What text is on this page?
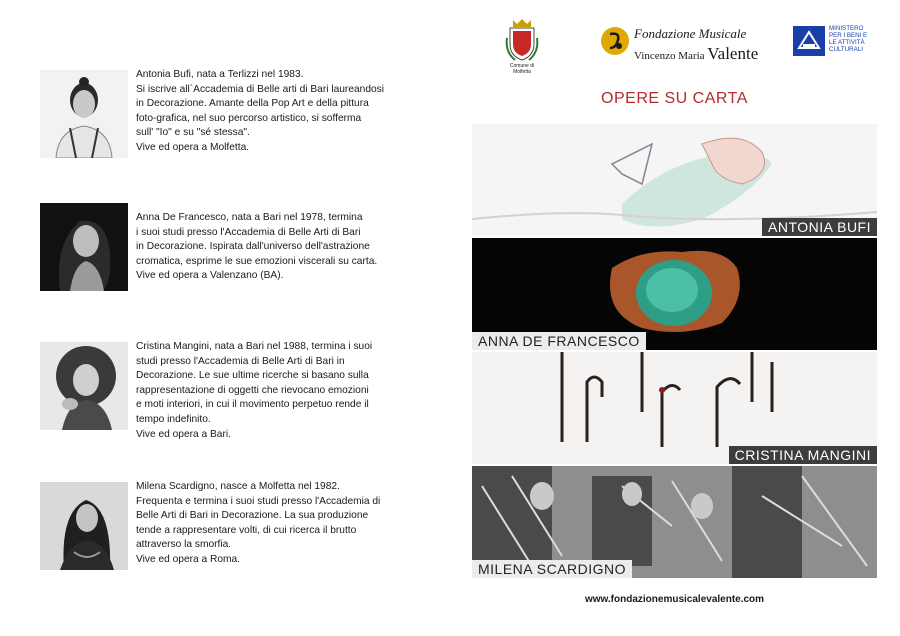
Antonia Bufi, nata a Terlizzi nel 1983.
Si iscrive all`Accademia di Belle arti di Bari laureandosi
in Decorazione. Amante della Pop Art e della pittura
foto-grafica, nel suo percorso artistico, si sofferma
sull' "Io" e su "sé stessa".
Vive ed opera a Molfetta.
Anna De Francesco, nata a Bari nel 1978, termina
i suoi studi presso l'Accademia di Belle Arti di Bari
in Decorazione. Ispirata dall'universo dell'astrazione
cromatica, esprime le sue emozioni viscerali su carta.
Vive ed opera a Valenzano (BA).
Cristina Mangini, nata a Bari nel 1988, termina i suoi
studi presso l'Accademia di Belle Arti di Bari in
Decorazione. Le sue ultime ricerche si basano sulla
rappresentazione di oggetti che rievocano emozioni
e moti interiori, in cui il movimento perpetuo rende il
tempo indefinito.
Vive ed opera a Bari.
Milena Scardigno, nasce a Molfetta nel 1982.
Frequenta e termina i suoi studi presso l'Accademia di
Belle Arti di Bari in Decorazione. La sua produzione
tende a rappresentare volti, di cui ricerca il brutto
attraverso la smorfia.
Vive ed opera a Roma.
Comune di Molfetta
Fondazione Musicale
Vincenzo Maria Valente
MINISTERO
PER I BENI E
LE ATTIVITÀ
CULTURALI
OPERE SU CARTA
ANTONIA BUFI
ANNA DE FRANCESCO
CRISTINA MANGINI
MILENA SCARDIGNO
www.fondazionemusicalevalente.com
